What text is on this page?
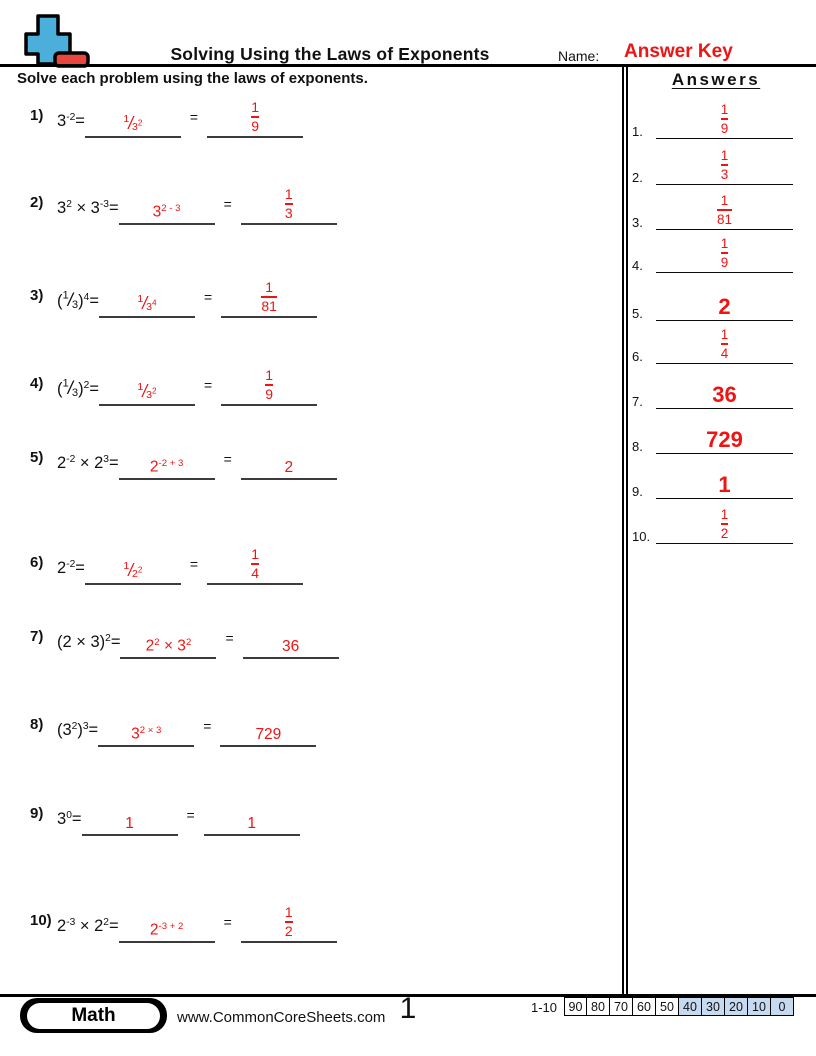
Solving Using the Laws of Exponents	Name: Answer Key
Solve each problem using the laws of exponents.	Answers
1.	$\frac{1}{9}$
2.	$\frac{1}{3}$
3.	$\frac{1}{81}$
4.	$\frac{1}{9}$
5.	2
6.	$\frac{1}{4}$
7.	36
8.	729
9.	1
10.	$\frac{1}{2}$
1) $3^{-2}=$	$^1/3^2$	=	$\frac{1}{9}$
2) $3^2 \times 3^{-3}= 3^{2 - 3}$	=	$\frac{1}{3}$
3) $(^1/3)^4=$	$^1/3^4$	=	$\frac{1}{81}$
4) $(^1/3)^2=$	$^1/3^2$	=	$\frac{1}{9}$
5) $2^{-2} \times 2^3= 2^{-2 + 3}$	=	2
6) $2^{-2}=$	$^1/2^2$	=	$\frac{1}{4}$
7) $(2 \times 3)^2= 2^2 \times 3^2$ =	36
8) $(3^2)^3= 3^{2 \times 3}$	=	729
9) $3^0=$	1	=	1
10) $2^{-3} \times 2^2= 2^{-3 + 2}$	=	$\frac{1}{2}$
Math	www.CommonCoreSheets.com 1	1-10 90 80 70 60 50 40 30 20 10	0
